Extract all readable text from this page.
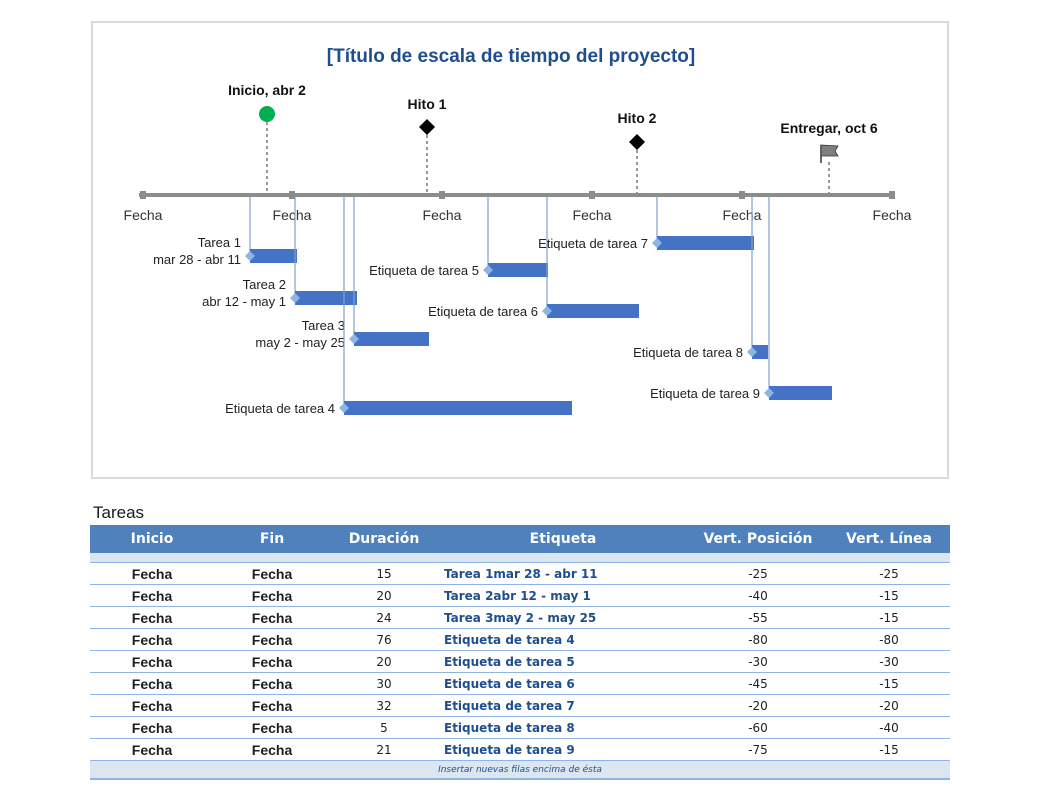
[Título de escala de tiempo del proyecto]
Fecha	Fecha	Fecha	Fecha	Fecha	Fecha
Inicio, abr 2
Hito 1
Hito 2
Entregar, oct 6
Tarea 1
mar 28 - abr 11
Tarea 2
abr 12 - may 1
Tarea 3
may 2 - may 25
Etiqueta de tarea 4
Etiqueta de tarea 5
Etiqueta de tarea 6
Etiqueta de tarea 7
Etiqueta de tarea 8
Etiqueta de tarea 9
Tareas
Inicio	Fin	Duración	Etiqueta	Vert. Posición	Vert. Línea

Fecha	Fecha	15	Tarea 1mar 28 - abr 11	-25	-25
Fecha	Fecha	20	Tarea 2abr 12 - may 1	-40	-15
Fecha	Fecha	24	Tarea 3may 2 - may 25	-55	-15
Fecha	Fecha	76	Etiqueta de tarea 4	-80	-80
Fecha	Fecha	20	Etiqueta de tarea 5	-30	-30
Fecha	Fecha	30	Etiqueta de tarea 6	-45	-15
Fecha	Fecha	32	Etiqueta de tarea 7	-20	-20
Fecha	Fecha	5	Etiqueta de tarea 8	-60	-40
Fecha	Fecha	21	Etiqueta de tarea 9	-75	-15
Insertar nuevas filas encima de ésta					
